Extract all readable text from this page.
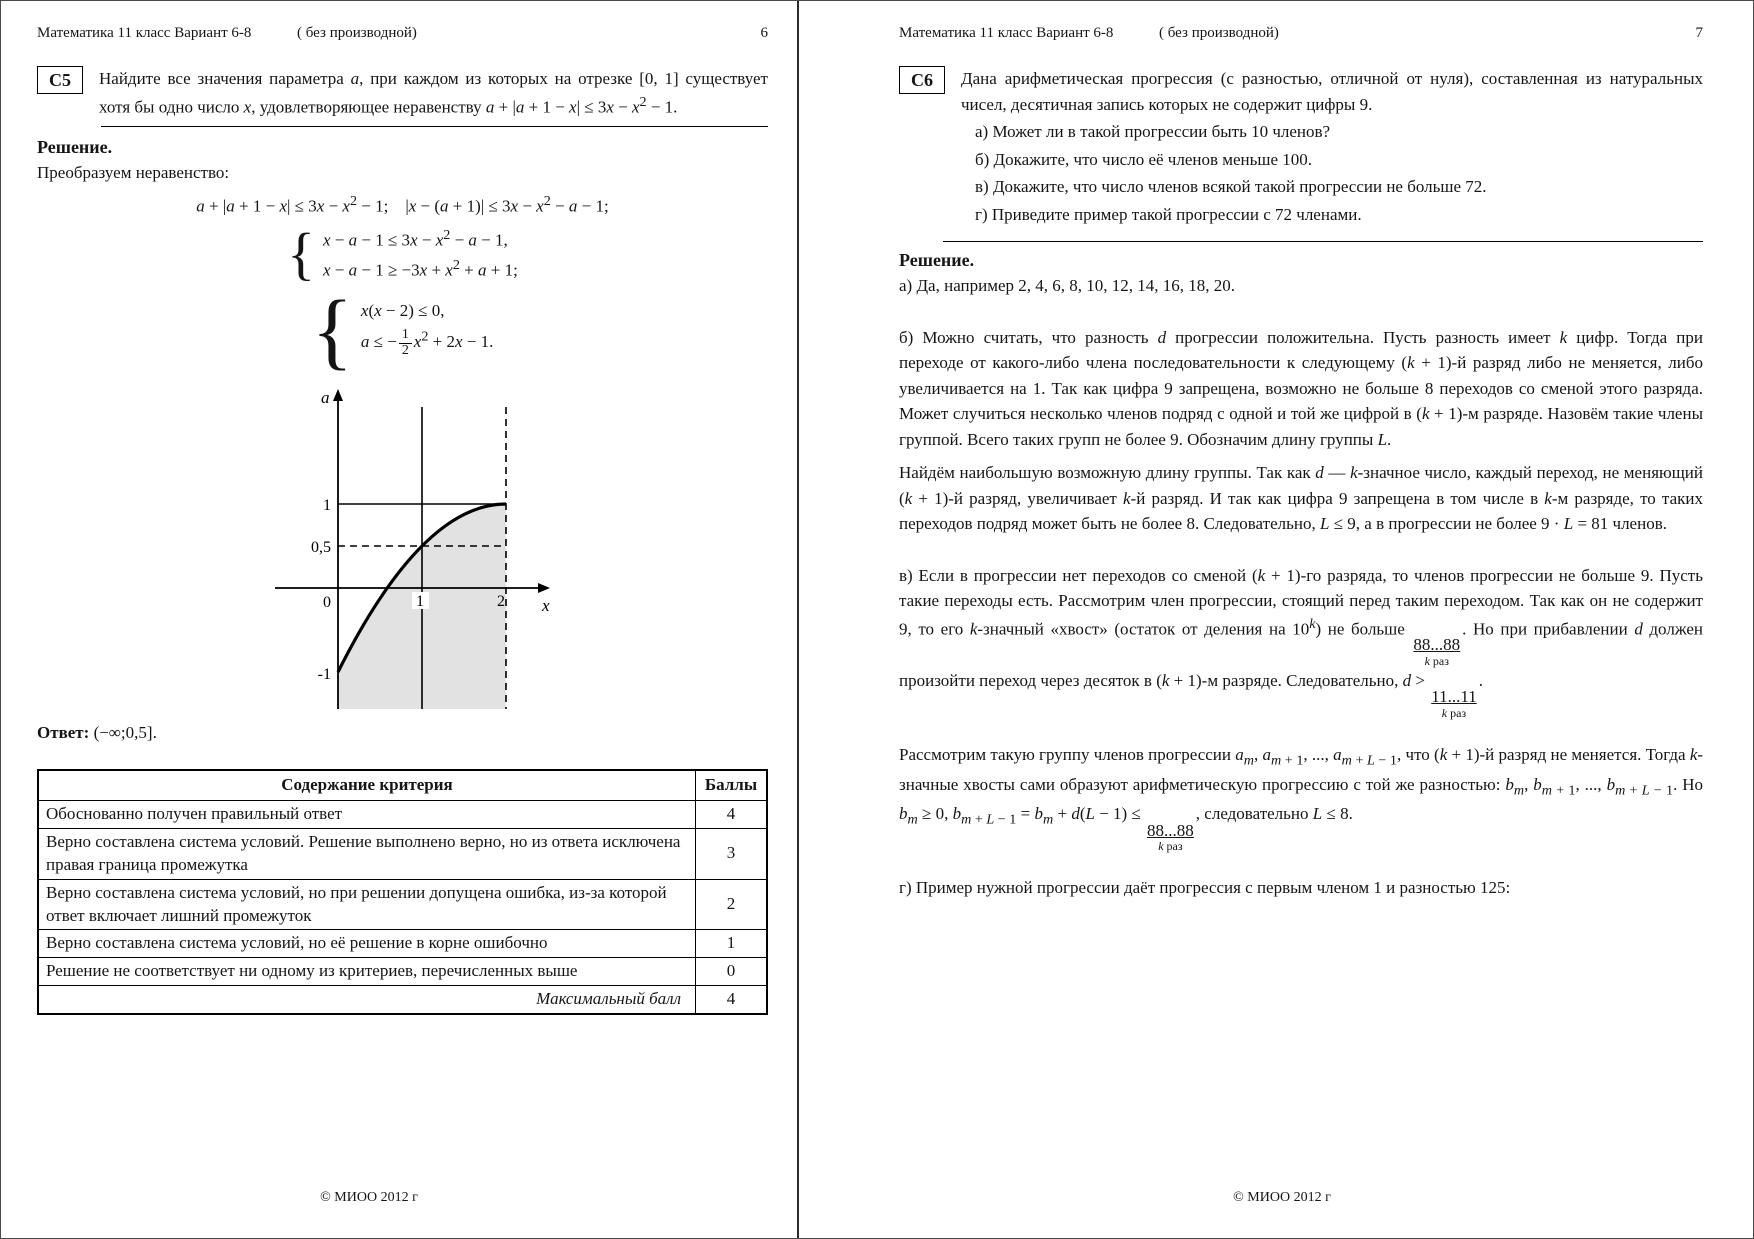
Математика 11 класс Вариант 6-8	( без производной)	6
С5	Найдите все значения параметра a, при каждом из которых на отрезке [0, 1] существует хотя бы одно число x, удовлетворяющее неравенству $a + |a + 1 - x| \le 3x - x^2 - 1$.
Решение.
Преобразуем неравенство:
$a + |a + 1 - x| \le 3x - x^2 - 1$;    $|x - (a + 1)| \le 3x - x^2 - a - 1$;
{ $x - a - 1 \le 3x - x^2 - a - 1$,
$x - a - 1 \ge -3x + x^2 + a + 1$;
{ x(x − 2) ≤ 0,
a ≤ − $\frac{1}{2} x^2 + 2x - 1$.
a
x
1
0,5
0
-1
1	2
Ответ: (−∞;0,5].
Содержание критерия	Баллы
Обоснованно получен правильный ответ	4
Верно составлена система условий. Решение выполнено верно, но из ответа исключена правая граница промежутка	3
Верно составлена система условий, но при решении допущена ошибка, из-за которой ответ включает лишний промежуток	2
Верно составлена система условий, но её решение в корне ошибочно	1
Решение не соответствует ни одному из критериев, перечисленных выше	0
Максимальный балл	4
© МИОО 2012 г
Математика 11 класс Вариант 6-8	( без производной)	7
С6	Дана арифметическая прогрессия (с разностью, отличной от нуля), составленная из натуральных чисел, десятичная запись которых не содержит цифры 9.
а) Может ли в такой прогрессии быть 10 членов?
б) Докажите, что число её членов меньше 100.
в) Докажите, что число членов всякой такой прогрессии не больше 72.
г) Приведите пример такой прогрессии с 72 членами.
Решение.
а) Да, например 2, 4, 6, 8, 10, 12, 14, 16, 18, 20.
б) Можно считать, что разность d прогрессии положительна. Пусть разность имеет k цифр. Тогда при переходе от какого-либо члена последовательности к следующему (k + 1)-й разряд либо не меняется, либо увеличивается на 1. Так как цифра 9 запрещена, возможно не больше 8 переходов со сменой этого разряда. Может случиться несколько членов подряд с одной и той же цифрой в (k + 1)-м разряде. Назовём такие члены группой. Всего таких групп не более 9. Обозначим длину группы L.
Найдём наибольшую возможную длину группы. Так как d — k-значное число, каждый переход, не меняющий (k + 1)-й разряд, увеличивает k-й разряд. И так как цифра 9 запрещена в том числе в k-м разряде, то таких переходов подряд может быть не более 8. Следовательно, L ≤ 9, а в прогрессии не более 9 · L = 81 членов.
в) Если в прогрессии нет переходов со сменой (k + 1)-го разряда, то членов прогрессии не больше 9. Пусть такие переходы есть. Рассмотрим член прогрессии, стоящий перед таким переходом. Так как он не содержит 9, то его k-значный «хвост» (остаток от деления на 10$^k$) не больше
88...88
k раз
. Но при прибавлении d должен произойти переход через десяток в (k + 1)-м разряде. Следовательно, d >
11...11
k раз
.
Рассмотрим такую группу членов прогрессии $a_m$, $a_{m + 1}$, ..., $a_{m + L - 1}$, что (k + 1)-й разряд не меняется. Тогда k-значные хвосты сами образуют арифметическую прогрессию с той же разностью: $b_m$, $b_{m + 1}$, ..., $b_{m + L - 1}$. Но $b_m \ge 0$, $b_{m + L - 1} = b_m + d(L - 1)$ ≤
88...88
k раз
, следовательно L ≤ 8.
г) Пример нужной прогрессии даёт прогрессия с первым членом 1 и разностью 125:
© МИОО 2012 г
